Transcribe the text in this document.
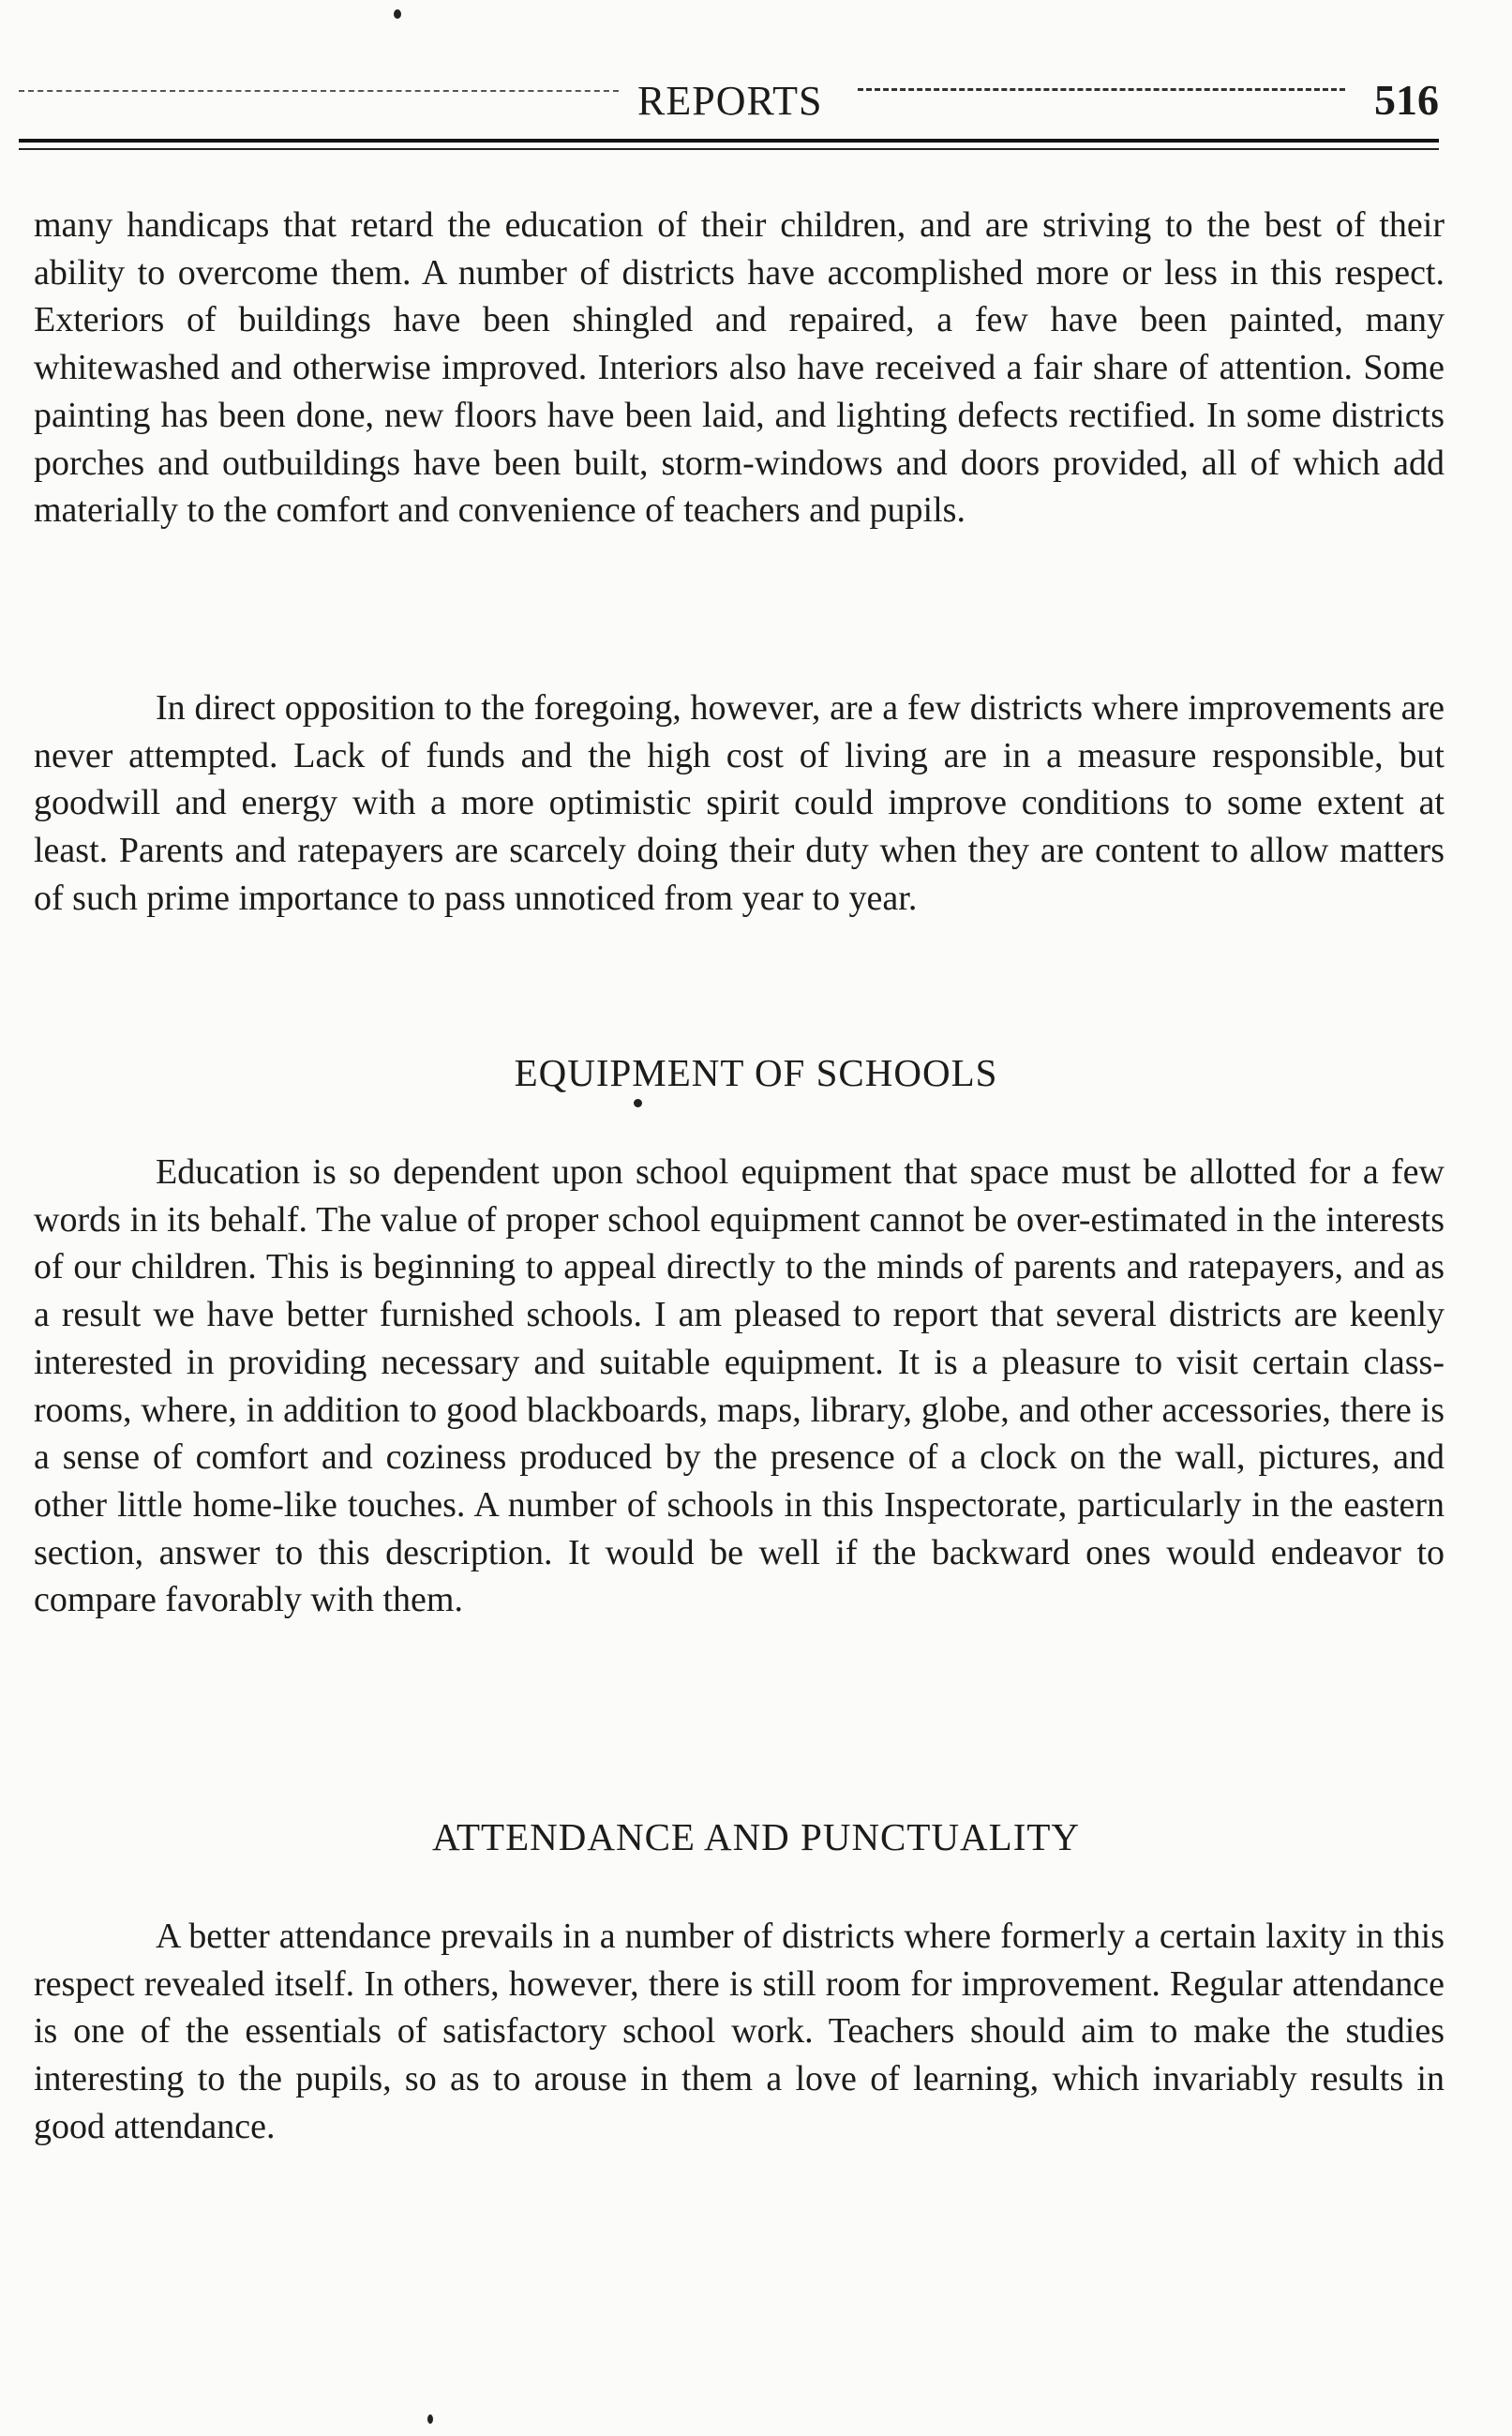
REPORTS	516

many handicaps that retard the education of their children, and are striving to the best of their ability to overcome them. A number of districts have accomplished more or less in this respect. Exteriors of buildings have been shingled and repaired, a few have been painted, many whitewashed and otherwise improved. Interiors also have received a fair share of attention. Some painting has been done, new floors have been laid, and lighting defects rectified. In some districts porches and outbuildings have been built, storm-windows and doors provided, all of which add materially to the comfort and convenience of teachers and pupils.

In direct opposition to the foregoing, however, are a few districts where improvements are never attempted. Lack of funds and the high cost of living are in a measure responsible, but goodwill and energy with a more optimistic spirit could improve conditions to some extent at least. Parents and ratepayers are scarcely doing their duty when they are content to allow matters of such prime importance to pass unnoticed from year to year.

EQUIPMENT OF SCHOOLS

Education is so dependent upon school equipment that space must be allotted for a few words in its behalf. The value of proper school equipment cannot be over-estimated in the interests of our children. This is beginning to appeal directly to the minds of parents and ratepayers, and as a result we have better furnished schools. I am pleased to report that several districts are keenly interested in providing necessary and suitable equipment. It is a pleasure to visit certain class-rooms, where, in addition to good blackboards, maps, library, globe, and other accessories, there is a sense of comfort and coziness produced by the presence of a clock on the wall, pictures, and other little home-like touches. A number of schools in this Inspectorate, particularly in the eastern section, answer to this description. It would be well if the backward ones would endeavor to compare favorably with them.

ATTENDANCE AND PUNCTUALITY

A better attendance prevails in a number of districts where formerly a certain laxity in this respect revealed itself. In others, however, there is still room for improvement. Regular attendance is one of the essentials of satisfactory school work. Teachers should aim to make the studies interesting to the pupils, so as to arouse in them a love of learning, which invariably results in good attendance.
